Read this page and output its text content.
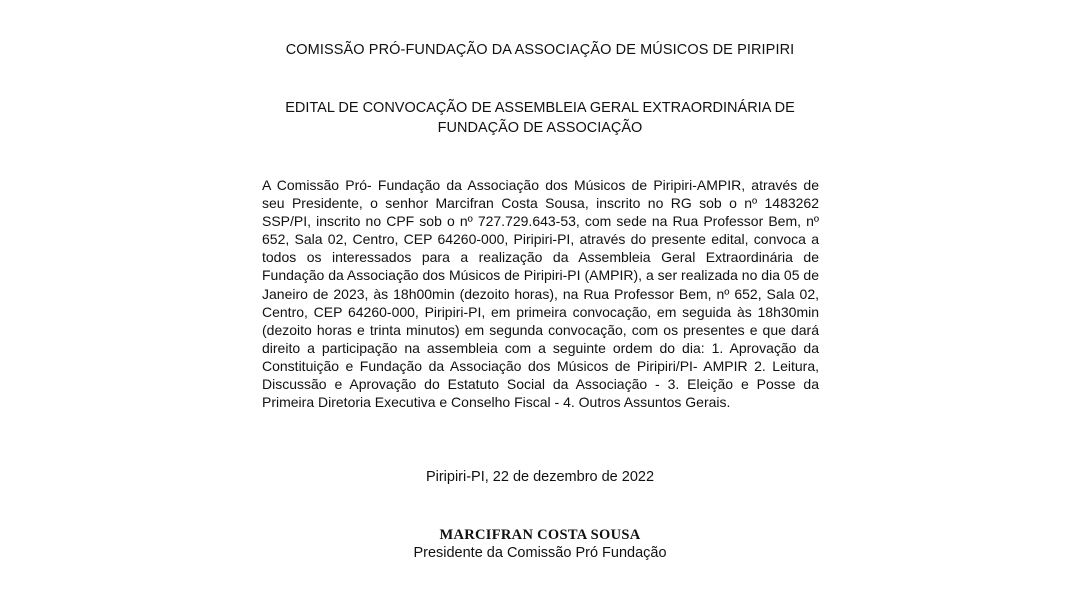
COMISSÃO PRÓ-FUNDAÇÃO DA ASSOCIAÇÃO DE MÚSICOS DE PIRIPIRI
EDITAL DE CONVOCAÇÃO DE ASSEMBLEIA GERAL EXTRAORDINÁRIA DE
FUNDAÇÃO DE ASSOCIAÇÃO
A Comissão Pró- Fundação da Associação dos Músicos de Piripiri-AMPIR, através de seu Presidente, o senhor Marcifran Costa Sousa, inscrito no RG sob o nº 1483262 SSP/PI, inscrito no CPF sob o nº 727.729.643-53, com sede na Rua Professor Bem, nº 652, Sala 02, Centro, CEP 64260-000, Piripiri-PI, através do presente edital, convoca a todos os interessados para a realização da Assembleia Geral Extraordinária de Fundação da Associação dos Músicos de Piripiri-PI (AMPIR), a ser realizada no dia 05 de Janeiro de 2023, às 18h00min (dezoito horas), na Rua Professor Bem, nº 652, Sala 02, Centro, CEP 64260-000, Piripiri-PI, em primeira convocação, em seguida às 18h30min (dezoito horas e trinta minutos) em segunda convocação, com os presentes e que dará direito a participação na assembleia com a seguinte ordem do dia: 1. Aprovação da Constituição e Fundação da Associação dos Músicos de Piripiri/PI- AMPIR 2. Leitura, Discussão e Aprovação do Estatuto Social da Associação - 3. Eleição e Posse da Primeira Diretoria Executiva e Conselho Fiscal - 4. Outros Assuntos Gerais.
Piripiri-PI, 22 de dezembro de 2022
MARCIFRAN COSTA SOUSA
Presidente da Comissão Pró Fundação
